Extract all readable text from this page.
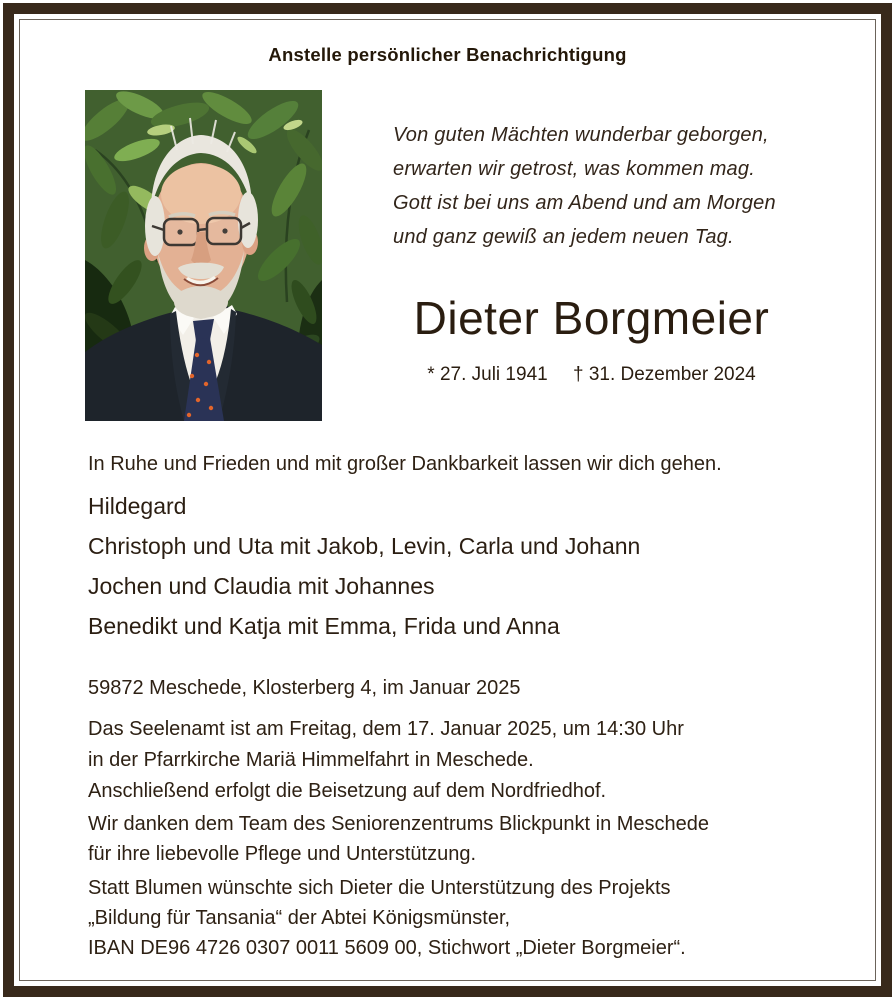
Anstelle persönlicher Benachrichtigung
Von guten Mächten wunderbar geborgen,
erwarten wir getrost, was kommen mag.
Gott ist bei uns am Abend und am Morgen
und ganz gewiß an jedem neuen Tag.
Dieter Borgmeier
* 27. Juli 1941 † 31. Dezember 2024
In Ruhe und Frieden und mit großer Dankbarkeit lassen wir dich gehen.
Hildegard
Christoph und Uta mit Jakob, Levin, Carla und Johann
Jochen und Claudia mit Johannes
Benedikt und Katja mit Emma, Frida und Anna
59872 Meschede, Klosterberg 4, im Januar 2025
Das Seelenamt ist am Freitag, dem 17. Januar 2025, um 14:30 Uhr
in der Pfarrkirche Mariä Himmelfahrt in Meschede.
Anschließend erfolgt die Beisetzung auf dem Nordfriedhof.
Wir danken dem Team des Seniorenzentrums Blickpunkt in Meschede
für ihre liebevolle Pflege und Unterstützung.
Statt Blumen wünschte sich Dieter die Unterstützung des Projekts
„Bildung für Tansania“ der Abtei Königsmünster,
IBAN DE96 4726 0307 0011 5609 00, Stichwort „Dieter Borgmeier“.
